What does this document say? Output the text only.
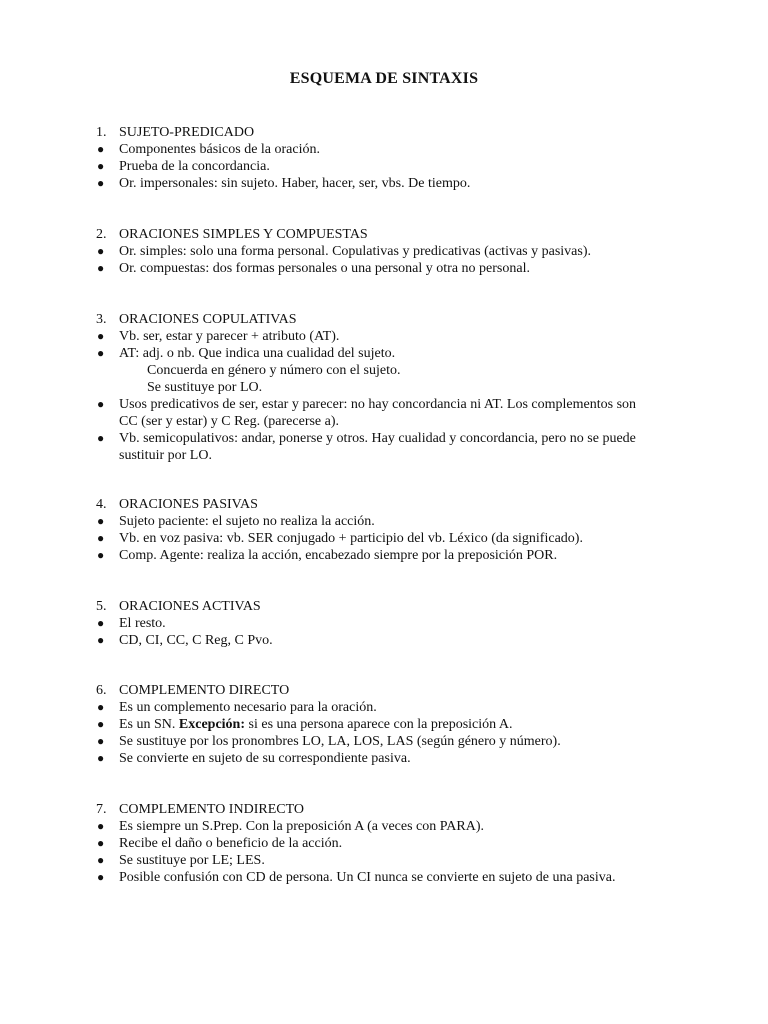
ESQUEMA DE SINTAXIS
1. SUJETO-PREDICADO
● Componentes básicos de la oración.
● Prueba de la concordancia.
● Or. impersonales: sin sujeto. Haber, hacer, ser, vbs. De tiempo.
2. ORACIONES SIMPLES Y COMPUESTAS
● Or. simples: solo una forma personal. Copulativas y predicativas (activas y pasivas).
● Or. compuestas: dos formas personales o una personal y otra no personal.
3. ORACIONES COPULATIVAS
● Vb. ser, estar y parecer + atributo (AT).
● AT: adj. o nb. Que indica una cualidad del sujeto.
Concuerda en género y número con el sujeto.
Se sustituye por LO.
● Usos predicativos de ser, estar y parecer: no hay concordancia ni AT. Los complementos son
CC (ser y estar) y C Reg. (parecerse a).
● Vb. semicopulativos: andar, ponerse y otros. Hay cualidad y concordancia, pero no se puede
sustituir por LO.
4. ORACIONES PASIVAS
● Sujeto paciente: el sujeto no realiza la acción.
● Vb. en voz pasiva: vb. SER conjugado + participio del vb. Léxico (da significado).
● Comp. Agente: realiza la acción, encabezado siempre por la preposición POR.
5. ORACIONES ACTIVAS
● El resto.
● CD, CI, CC, C Reg, C Pvo.
6. COMPLEMENTO DIRECTO
● Es un complemento necesario para la oración.
● Es un SN. Excepción: si es una persona aparece con la preposición A.
● Se sustituye por los pronombres LO, LA, LOS, LAS (según género y número).
● Se convierte en sujeto de su correspondiente pasiva.
7. COMPLEMENTO INDIRECTO
● Es siempre un S.Prep. Con la preposición A (a veces con PARA).
● Recibe el daño o beneficio de la acción.
● Se sustituye por LE; LES.
● Posible confusión con CD de persona. Un CI nunca se convierte en sujeto de una pasiva.
